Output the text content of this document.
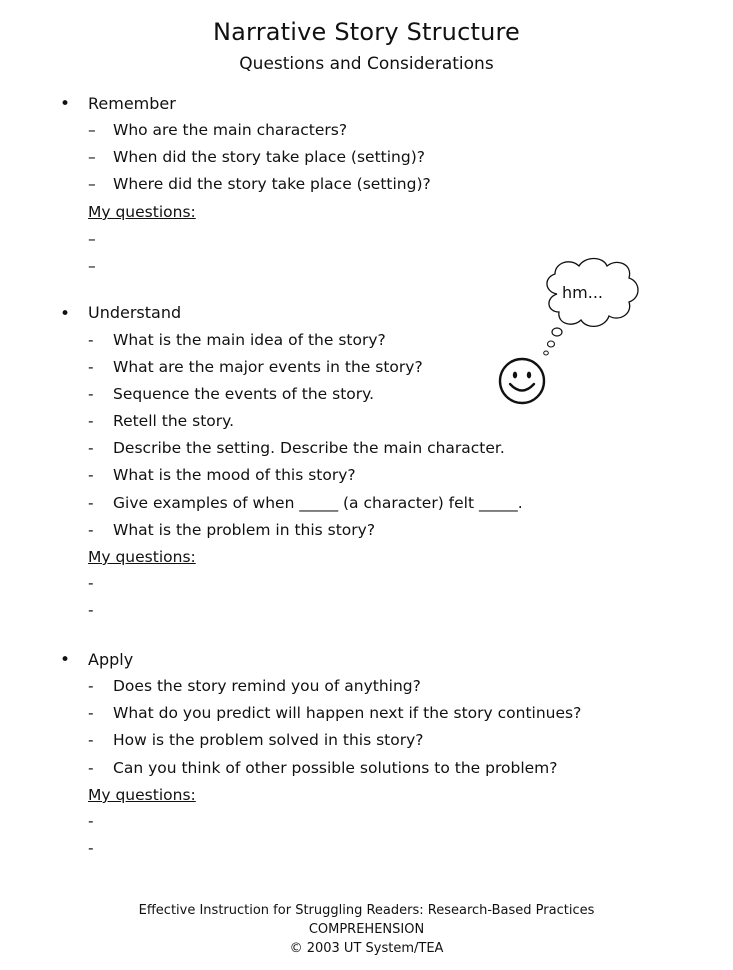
Narrative Story Structure
Questions and Considerations
• Remember
–	Who are the main characters?
–	When did the story take place (setting)?
–	Where did the story take place (setting)?
My questions:
–
–
• Understand
-	What is the main idea of the story?
-	What are the major events in the story?
-	Sequence the events of the story.
-	Retell the story.
-	Describe the setting. Describe the main character.
-	What is the mood of this story?
-	Give examples of when _____ (a character) felt _____.
-	What is the problem in this story?
My questions:
-
-
• Apply
-	Does the story remind you of anything?
-	What do you predict will happen next if the story continues?
-	How is the problem solved in this story?
-	Can you think of other possible solutions to the problem?
My questions:
-
-
hm...
Effective Instruction for Struggling Readers: Research-Based Practices
COMPREHENSION
© 2003 UT System/TEA
